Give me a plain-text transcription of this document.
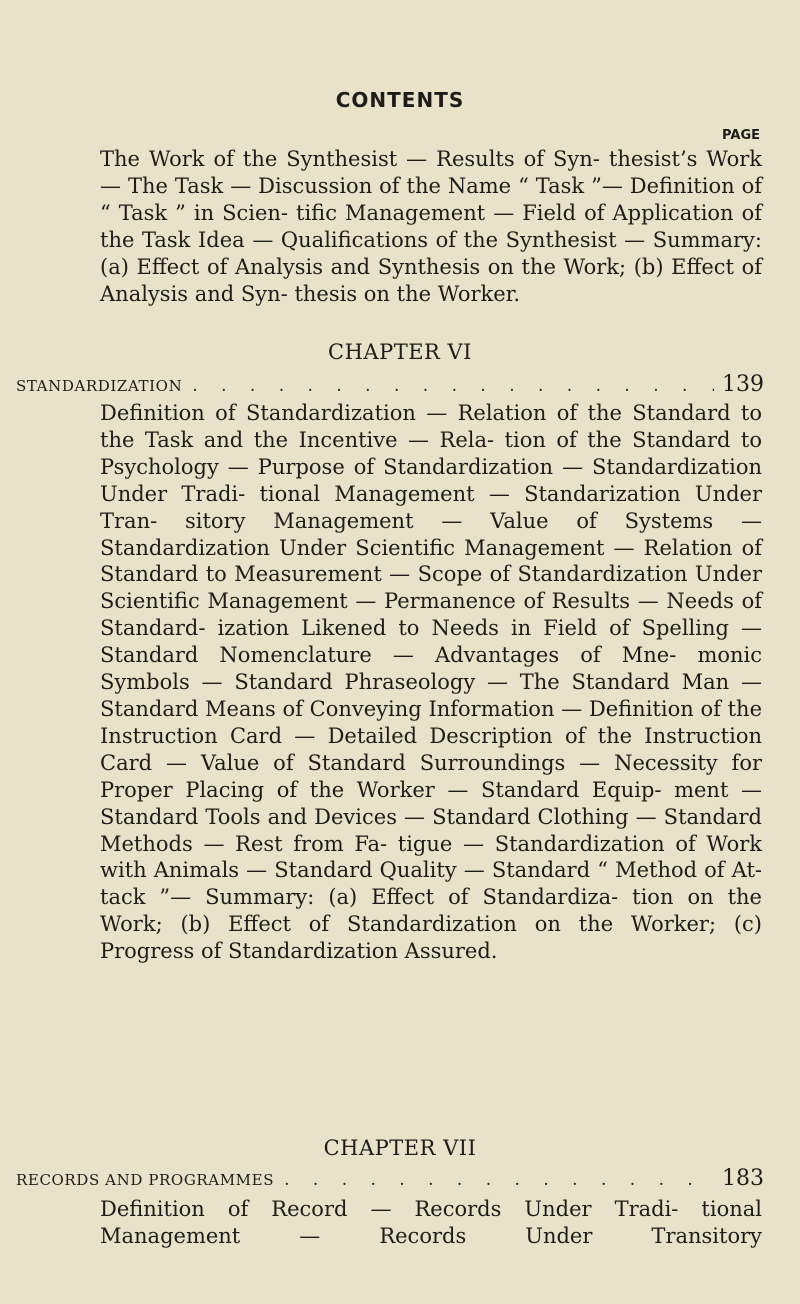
CONTENTS
PAGE

The Work of the Synthesist — Results of Syn- thesist’s Work — The Task — Discussion of the Name “ Task ”— Definition of “ Task ” in Scien- tific Management — Field of Application of the Task Idea — Qualifications of the Synthesist — Summary: (a) Effect of Analysis and Synthesis on the Work; (b) Effect of Analysis and Syn- thesis on the Worker.

CHAPTER VI
STANDARDIZATION . . .	139

Definition of Standardization — Relation of the Standard to the Task and the Incentive — Rela- tion of the Standard to Psychology — Purpose of Standardization — Standardization Under Tradi- tional Management — Standarization Under Tran- sitory Management — Value of Systems — Standardization Under Scientific Management — Relation of Standard to Measurement — Scope of Standardization Under Scientific Management — Permanence of Results — Needs of Standard- ization Likened to Needs in Field of Spelling — Standard Nomenclature — Advantages of Mne- monic Symbols — Standard Phraseology — The Standard Man — Standard Means of Conveying Information — Definition of the Instruction Card — Detailed Description of the Instruction Card — Value of Standard Surroundings — Necessity for Proper Placing of the Worker — Standard Equip- ment — Standard Tools and Devices — Standard Clothing — Standard Methods — Rest from Fa- tigue — Standardization of Work with Animals — Standard Quality — Standard “ Method of At- tack ”— Summary: (a) Effect of Standardiza- tion on the Work; (b) Effect of Standardization on the Worker; (c) Progress of Standardization Assured.

CHAPTER VII
RECORDS AND PROGRAMMES . . .	183

Definition of Record — Records Under Tradi- tional Management — Records Under Transitory
